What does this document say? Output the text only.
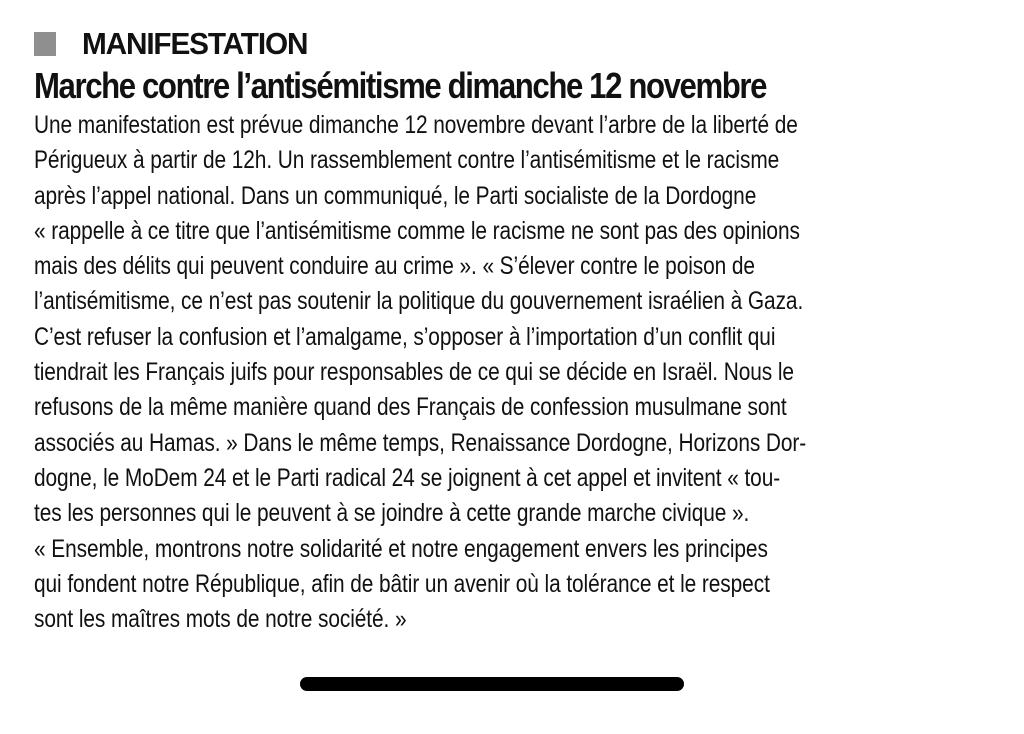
MANIFESTATION
Marche contre l’antisémitisme dimanche 12 novembre
Une manifestation est prévue dimanche 12 novembre devant l’arbre de la liberté de
Périgueux à partir de 12h. Un rassemblement contre l’antisémitisme et le racisme
après l’appel national. Dans un communiqué, le Parti socialiste de la Dordogne
« rappelle à ce titre que l’antisémitisme comme le racisme ne sont pas des opinions
mais des délits qui peuvent conduire au crime ». « S’élever contre le poison de
l’antisémitisme, ce n’est pas soutenir la politique du gouvernement israélien à Gaza.
C’est refuser la confusion et l’amalgame, s’opposer à l’importation d’un conflit qui
tiendrait les Français juifs pour responsables de ce qui se décide en Israël. Nous le
refusons de la même manière quand des Français de confession musulmane sont
associés au Hamas. » Dans le même temps, Renaissance Dordogne, Horizons Dor-
dogne, le MoDem 24 et le Parti radical 24 se joignent à cet appel et invitent « tou-
tes les personnes qui le peuvent à se joindre à cette grande marche civique ».
« Ensemble, montrons notre solidarité et notre engagement envers les principes
qui fondent notre République, afin de bâtir un avenir où la tolérance et le respect
sont les maîtres mots de notre société. »
